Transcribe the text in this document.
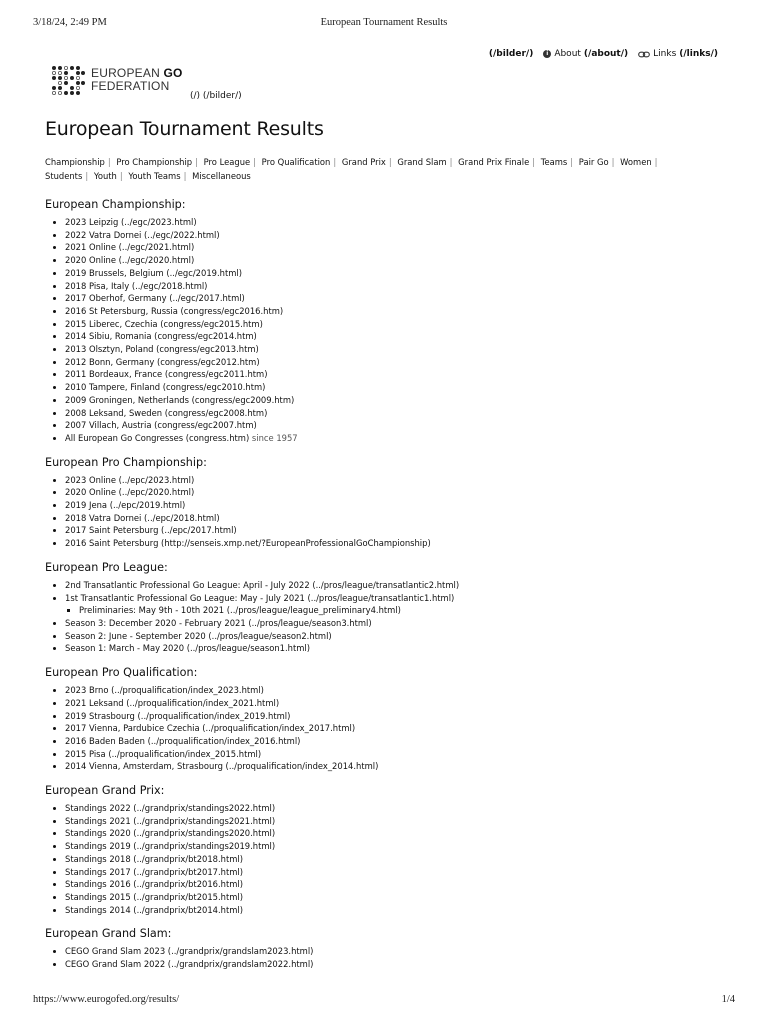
3/18/24, 2:49 PM	European Tournament Results
(/bilder/)	i About (/about/)	Links (/links/)
EUROPEAN GO
FEDERATION
(/) (/bilder/)
European Tournament Results
Championship | Pro Championship | Pro League | Pro Qualification | Grand Prix | Grand Slam | Grand Prix Finale | Teams | Pair Go | Women | Students | Youth | Youth Teams | Miscellaneous
European Championship:
• 2023 Leipzig (../egc/2023.html)
• 2022 Vatra Dornei (../egc/2022.html)
• 2021 Online (../egc/2021.html)
• 2020 Online (../egc/2020.html)
• 2019 Brussels, Belgium (../egc/2019.html)
• 2018 Pisa, Italy (../egc/2018.html)
• 2017 Oberhof, Germany (../egc/2017.html)
• 2016 St Petersburg, Russia (congress/egc2016.htm)
• 2015 Liberec, Czechia (congress/egc2015.htm)
• 2014 Sibiu, Romania (congress/egc2014.htm)
• 2013 Olsztyn, Poland (congress/egc2013.htm)
• 2012 Bonn, Germany (congress/egc2012.htm)
• 2011 Bordeaux, France (congress/egc2011.htm)
• 2010 Tampere, Finland (congress/egc2010.htm)
• 2009 Groningen, Netherlands (congress/egc2009.htm)
• 2008 Leksand, Sweden (congress/egc2008.htm)
• 2007 Villach, Austria (congress/egc2007.htm)
• All European Go Congresses (congress.htm) since 1957
European Pro Championship:
• 2023 Online (../epc/2023.html)
• 2020 Online (../epc/2020.html)
• 2019 Jena (../epc/2019.html)
• 2018 Vatra Dornei (../epc/2018.html)
• 2017 Saint Petersburg (../epc/2017.html)
• 2016 Saint Petersburg (http://senseis.xmp.net/?EuropeanProfessionalGoChampionship)
European Pro League:
• 2nd Transatlantic Professional Go League: April - July 2022 (../pros/league/transatlantic2.html)
• 1st Transatlantic Professional Go League: May - July 2021 (../pros/league/transatlantic1.html)
▪ Preliminaries: May 9th - 10th 2021 (../pros/league/league_preliminary4.html)
• Season 3: December 2020 - February 2021 (../pros/league/season3.html)
• Season 2: June - September 2020 (../pros/league/season2.html)
• Season 1: March - May 2020 (../pros/league/season1.html)
European Pro Qualification:
• 2023 Brno (../proqualification/index_2023.html)
• 2021 Leksand (../proqualification/index_2021.html)
• 2019 Strasbourg (../proqualification/index_2019.html)
• 2017 Vienna, Pardubice Czechia (../proqualification/index_2017.html)
• 2016 Baden Baden (../proqualification/index_2016.html)
• 2015 Pisa (../proqualification/index_2015.html)
• 2014 Vienna, Amsterdam, Strasbourg (../proqualification/index_2014.html)
European Grand Prix:
• Standings 2022 (../grandprix/standings2022.html)
• Standings 2021 (../grandprix/standings2021.html)
• Standings 2020 (../grandprix/standings2020.html)
• Standings 2019 (../grandprix/standings2019.html)
• Standings 2018 (../grandprix/bt2018.html)
• Standings 2017 (../grandprix/bt2017.html)
• Standings 2016 (../grandprix/bt2016.html)
• Standings 2015 (../grandprix/bt2015.html)
• Standings 2014 (../grandprix/bt2014.html)
European Grand Slam:
• CEGO Grand Slam 2023 (../grandprix/grandslam2023.html)
• CEGO Grand Slam 2022 (../grandprix/grandslam2022.html)
https://www.eurogofed.org/results/	1/4
